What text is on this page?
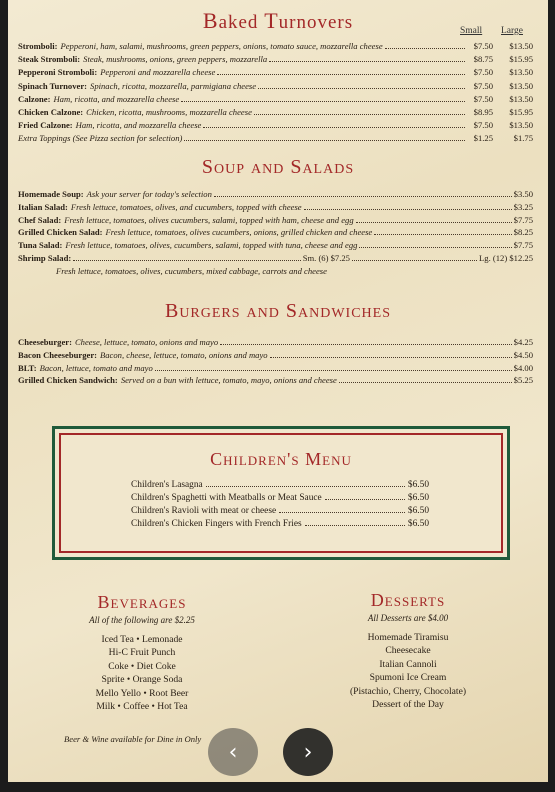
Baked Turnovers	Small Large
Stromboli: Pepperoni, ham, salami, mushrooms, green peppers, onions, tomato sauce, mozzarella cheese	$7.50	$13.50
Steak Stromboli: Steak, mushrooms, onions, green peppers, mozzarella	$8.75	$15.95
Pepperoni Stromboli: Pepperoni and mozzarella cheese	$7.50	$13.50
Spinach Turnover: Spinach, ricotta, mozzarella, parmigiana cheese	$7.50	$13.50
Calzone: Ham, ricotta, and mozzarella cheese	$7.50	$13.50
Chicken Calzone: Chicken, ricotta, mushrooms, mozzarella cheese	$8.95	$15.95
Fried Calzone: Ham, ricotta, and mozzarella cheese	$7.50	$13.50
Extra Toppings (See Pizza section for selection)	$1.25	$1.75
Soup and Salads
Homemade Soup: Ask your server for today's selection	$3.50
Italian Salad: Fresh lettuce, tomatoes, olives, and cucumbers, topped with cheese	$3.25
Chef Salad: Fresh lettuce, tomatoes, olives cucumbers, salami, topped with ham, cheese and egg	$7.75
Grilled Chicken Salad: Fresh lettuce, tomatoes, olives cucumbers, onions, grilled chicken and cheese	$8.25
Tuna Salad: Fresh lettuce, tomatoes, olives, cucumbers, salami, topped with tuna, cheese and egg	$7.75
Shrimp Salad:	Sm. (6) $7.25	Lg. (12) $12.25
Fresh lettuce, tomatoes, olives, cucumbers, mixed cabbage, carrots and cheese
Burgers and Sandwiches
Cheeseburger: Cheese, lettuce, tomato, onions and mayo	$4.25
Bacon Cheeseburger: Bacon, cheese, lettuce, tomato, onions and mayo	$4.50
BLT: Bacon, lettuce, tomato and mayo	$4.00
Grilled Chicken Sandwich: Served on a bun with lettuce, tomato, mayo, onions and cheese	$5.25
Children's Menu
Children's Lasagna	$6.50
Children's Spaghetti with Meatballs or Meat Sauce	$6.50
Children's Ravioli with meat or cheese	$6.50
Children's Chicken Fingers with French Fries	$6.50
Beverages
All of the following are $2.25
Iced Tea • Lemonade
Hi-C Fruit Punch
Coke • Diet Coke
Sprite • Orange Soda
Mello Yello • Root Beer
Milk • Coffee • Hot Tea
Desserts
All Desserts are $4.00
Homemade Tiramisu
Cheesecake
Italian Cannoli
Spumoni Ice Cream
(Pistachio, Cherry, Chocolate)
Dessert of the Day
Beer & Wine available for Dine in Only
‹	›
